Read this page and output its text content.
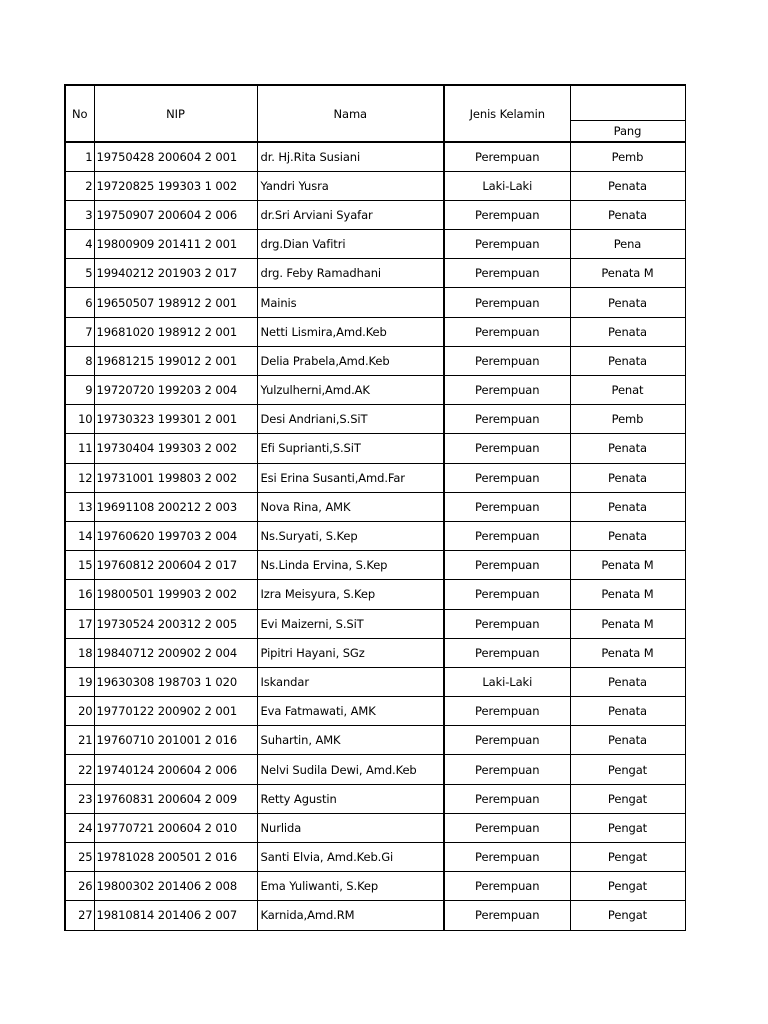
No	NIP	Nama	Jenis Kelamin	
				Pang
1	19750428 200604 2 001	dr. Hj.Rita Susiani	Perempuan	Pemb
2	19720825 199303 1 002	Yandri Yusra	Laki-Laki	Penata
3	19750907 200604 2 006	dr.Sri Arviani Syafar	Perempuan	Penata
4	19800909 201411 2 001	drg.Dian Vafitri	Perempuan	Pena
5	19940212 201903 2 017	drg. Feby Ramadhani	Perempuan	Penata M
6	19650507 198912 2 001	Mainis	Perempuan	Penata
7	19681020 198912 2 001	Netti Lismira,Amd.Keb	Perempuan	Penata
8	19681215 199012 2 001	Delia Prabela,Amd.Keb	Perempuan	Penata
9	19720720 199203 2 004	Yulzulherni,Amd.AK	Perempuan	Penat
10	19730323 199301 2 001	Desi Andriani,S.SiT	Perempuan	Pemb
11	19730404 199303 2 002	Efi Suprianti,S.SiT	Perempuan	Penata
12	19731001 199803 2 002	Esi Erina Susanti,Amd.Far	Perempuan	Penata
13	19691108 200212 2 003	Nova Rina, AMK	Perempuan	Penata
14	19760620 199703 2 004	Ns.Suryati, S.Kep	Perempuan	Penata
15	19760812 200604 2 017	Ns.Linda Ervina, S.Kep	Perempuan	Penata M
16	19800501 199903 2 002	Izra Meisyura, S.Kep	Perempuan	Penata M
17	19730524 200312 2 005	Evi Maizerni, S.SiT	Perempuan	Penata M
18	19840712 200902 2 004	Pipitri Hayani, SGz	Perempuan	Penata M
19	19630308 198703 1 020	Iskandar	Laki-Laki	Penata
20	19770122 200902 2 001	Eva Fatmawati, AMK	Perempuan	Penata
21	19760710 201001 2 016	Suhartin, AMK	Perempuan	Penata
22	19740124 200604 2 006	Nelvi Sudila Dewi, Amd.Keb	Perempuan	Pengat
23	19760831 200604 2 009	Retty Agustin	Perempuan	Pengat
24	19770721 200604 2 010	Nurlida	Perempuan	Pengat
25	19781028 200501 2 016	Santi Elvia, Amd.Keb.Gi	Perempuan	Pengat
26	19800302 201406 2 008	Ema Yuliwanti, S.Kep	Perempuan	Pengat
27	19810814 201406 2 007	Karnida,Amd.RM	Perempuan	Pengat
